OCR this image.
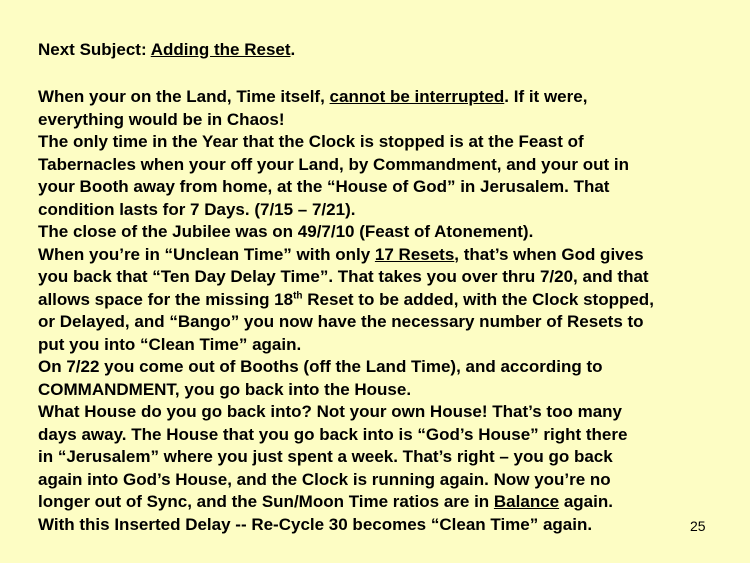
Next Subject: Adding the Reset.
When your on the Land, Time itself, cannot be interrupted. If it were,
everything would be in Chaos!
The only time in the Year that the Clock is stopped is at the Feast of
Tabernacles when your off your Land, by Commandment, and your out in
your Booth away from home, at the “House of God” in Jerusalem. That
condition lasts for 7 Days. (7/15 – 7/21).
The close of the Jubilee was on 49/7/10 (Feast of Atonement).
When you’re in “Unclean Time” with only 17 Resets, that’s when God gives
you back that “Ten Day Delay Time”. That takes you over thru 7/20, and that
allows space for the missing 18th Reset to be added, with the Clock stopped,
or Delayed, and “Bango” you now have the necessary number of Resets to
put you into “Clean Time” again.
On 7/22 you come out of Booths (off the Land Time), and according to
COMMANDMENT, you go back into the House.
What House do you go back into? Not your own House! That’s too many
days away. The House that you go back into is “God’s House” right there
in “Jerusalem” where you just spent a week. That’s right – you go back
again into God’s House, and the Clock is running again. Now you’re no
longer out of Sync, and the Sun/Moon Time ratios are in Balance again.
With this Inserted Delay -- Re-Cycle 30 becomes “Clean Time” again.	25
